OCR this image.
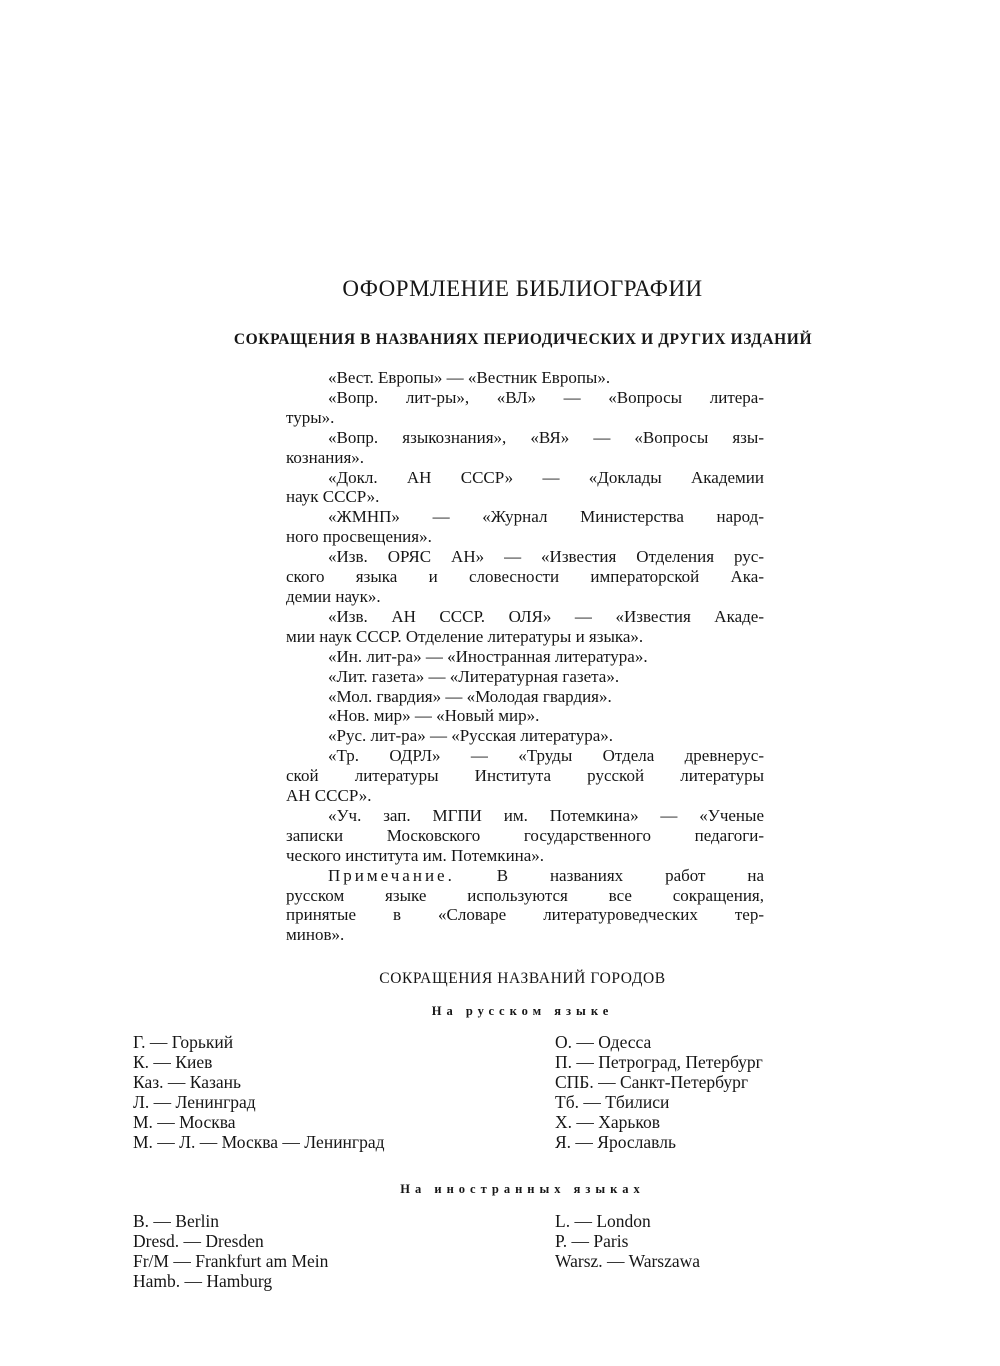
ОФОРМЛЕНИЕ БИБЛИОГРАФИИ
СОКРАЩЕНИЯ В НАЗВАНИЯХ ПЕРИОДИЧЕСКИХ И ДРУГИХ ИЗДАНИЙ
«Вест. Европы» — «Вестник Европы».
«Вопр. лит-ры», «ВЛ» — «Вопросы литера-
туры».
«Вопр. языкознания», «ВЯ» — «Вопросы язы-
кознания».
«Докл. АН СССР» — «Доклады Академии
наук СССР».
«ЖМНП» — «Журнал Министерства народ-
ного просвещения».
«Изв. ОРЯС АН» — «Известия Отделения рус-
ского языка и словесности императорской Ака-
демии наук».
«Изв. АН СССР. ОЛЯ» — «Известия Акаде-
мии наук СССР. Отделение литературы и языка».
«Ин. лит-ра» — «Иностранная литература».
«Лит. газета» — «Литературная газета».
«Мол. гвардия» — «Молодая гвардия».
«Нов. мир» — «Новый мир».
«Рус. лит-ра» — «Русская литература».
«Тр. ОДРЛ» — «Труды Отдела древнерус-
ской литературы Института русской литературы
АН СССР».
«Уч. зап. МГПИ им. Потемкина» — «Ученые
записки Московского государственного педагоги-
ческого института им. Потемкина».
Примечание. В названиях работ на
русском языке используются все сокращения,
принятые в «Словаре литературоведческих тер-
минов».
СОКРАЩЕНИЯ НАЗВАНИЙ ГОРОДОВ
На русском языке
Г. — Горький
К. — Киев
Каз. — Казань
Л. — Ленинград
М. — Москва
М. — Л. — Москва — Ленинград
О. — Одесса
П. — Петроград, Петербург
СПБ. — Санкт-Петербург
Тб. — Тбилиси
Х. — Харьков
Я. — Ярославль
На иностранных языках
B. — Berlin
Dresd. — Dresden
Fr/M — Frankfurt am Mein
Hamb. — Hamburg
L. — London
P. — Paris
Warsz. — Warszawa
